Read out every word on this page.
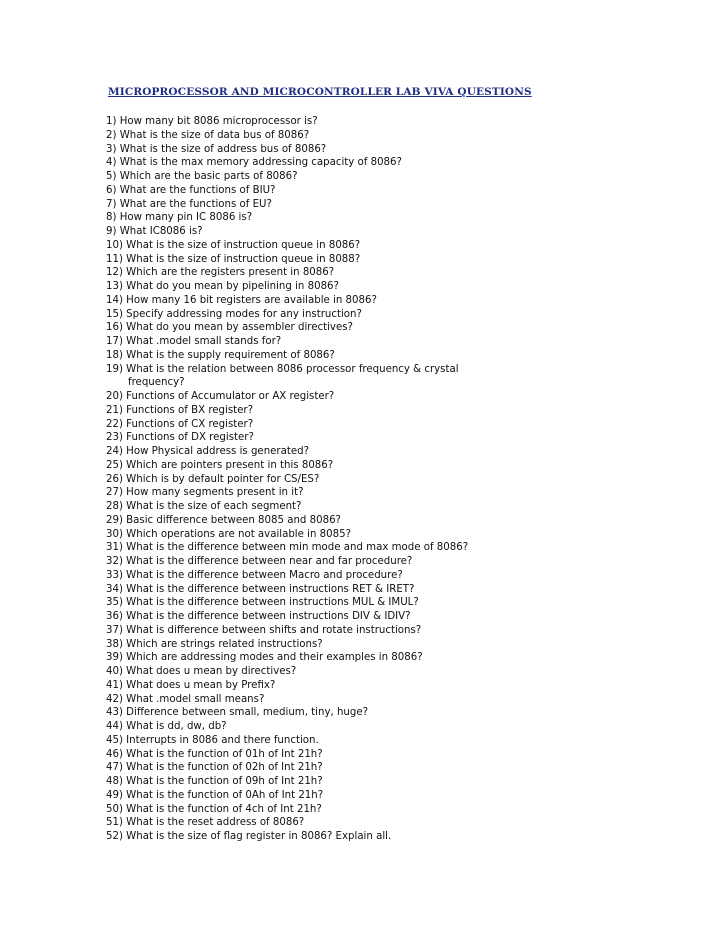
MICROPROCESSOR AND MICROCONTROLLER LAB VIVA QUESTIONS
1) How many bit 8086 microprocessor is?
2) What is the size of data bus of 8086?
3) What is the size of address bus of 8086?
4) What is the max memory addressing capacity of 8086?
5) Which are the basic parts of 8086?
6) What are the functions of BIU?
7) What are the functions of EU?
8) How many pin IC 8086 is?
9) What IC8086 is?
10) What is the size of instruction queue in 8086?
11) What is the size of instruction queue in 8088?
12) Which are the registers present in 8086?
13) What do you mean by pipelining in 8086?
14) How many 16 bit registers are available in 8086?
15) Specify addressing modes for any instruction?
16) What do you mean by assembler directives?
17) What .model small stands for?
18) What is the supply requirement of 8086?
19) What is the relation between 8086 processor frequency & crystal
frequency?
20) Functions of Accumulator or AX register?
21) Functions of BX register?
22) Functions of CX register?
23) Functions of DX register?
24) How Physical address is generated?
25) Which are pointers present in this 8086?
26) Which is by default pointer for CS/ES?
27) How many segments present in it?
28) What is the size of each segment?
29) Basic difference between 8085 and 8086?
30) Which operations are not available in 8085?
31) What is the difference between min mode and max mode of 8086?
32) What is the difference between near and far procedure?
33) What is the difference between Macro and procedure?
34) What is the difference between instructions RET & IRET?
35) What is the difference between instructions MUL & IMUL?
36) What is the difference between instructions DIV & IDIV?
37) What is difference between shifts and rotate instructions?
38) Which are strings related instructions?
39) Which are addressing modes and their examples in 8086?
40) What does u mean by directives?
41) What does u mean by Prefix?
42) What .model small means?
43) Difference between small, medium, tiny, huge?
44) What is dd, dw, db?
45) Interrupts in 8086 and there function.
46) What is the function of 01h of Int 21h?
47) What is the function of 02h of Int 21h?
48) What is the function of 09h of Int 21h?
49) What is the function of 0Ah of Int 21h?
50) What is the function of 4ch of Int 21h?
51) What is the reset address of 8086?
52) What is the size of flag register in 8086? Explain all.
